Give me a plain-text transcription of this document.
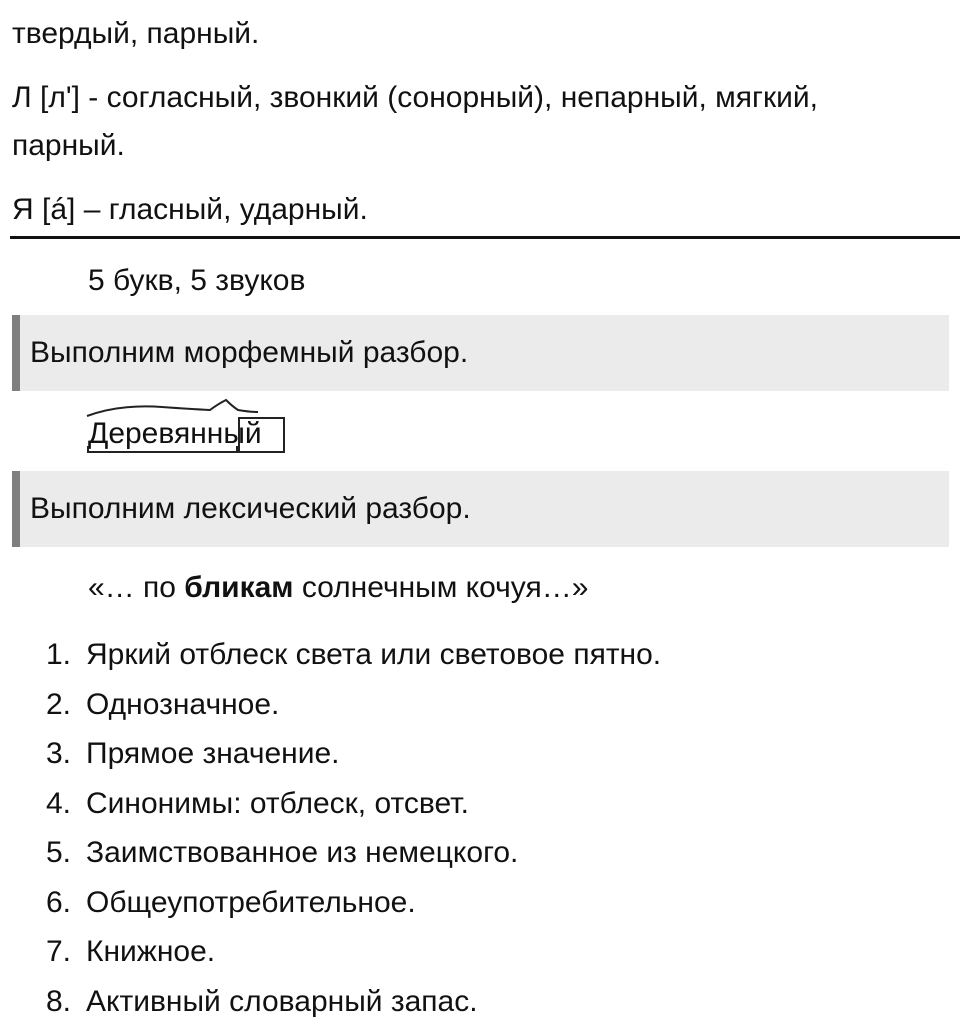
твердый, парный.
Л [л'] - согласный, звонкий (сонорный), непарный, мягкий,
парный.
Я [á] – гласный, ударный.
5 букв, 5 звуков
Выполним морфемный разбор.
Деревянный
Выполним лексический разбор.
«… по бликам солнечным кочуя…»
1. Яркий отблеск света или световое пятно.
2. Однозначное.
3. Прямое значение.
4. Синонимы: отблеск, отсвет.
5. Заимствованное из немецкого.
6. Общеупотребительное.
7. Книжное.
8. Активный словарный запас.
